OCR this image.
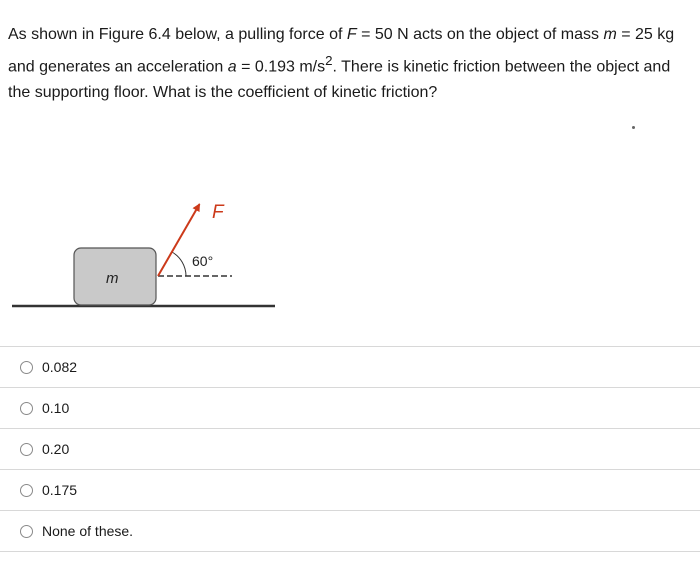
As shown in Figure 6.4 below, a pulling force of F = 50 N acts on the object of mass m = 25 kg and generates an acceleration a = 0.193 $m/s^2$. There is kinetic friction between the object and the supporting floor. What is the coefficient of kinetic friction?
m
F
60°
0.082
0.10
0.20
0.175
None of these.
